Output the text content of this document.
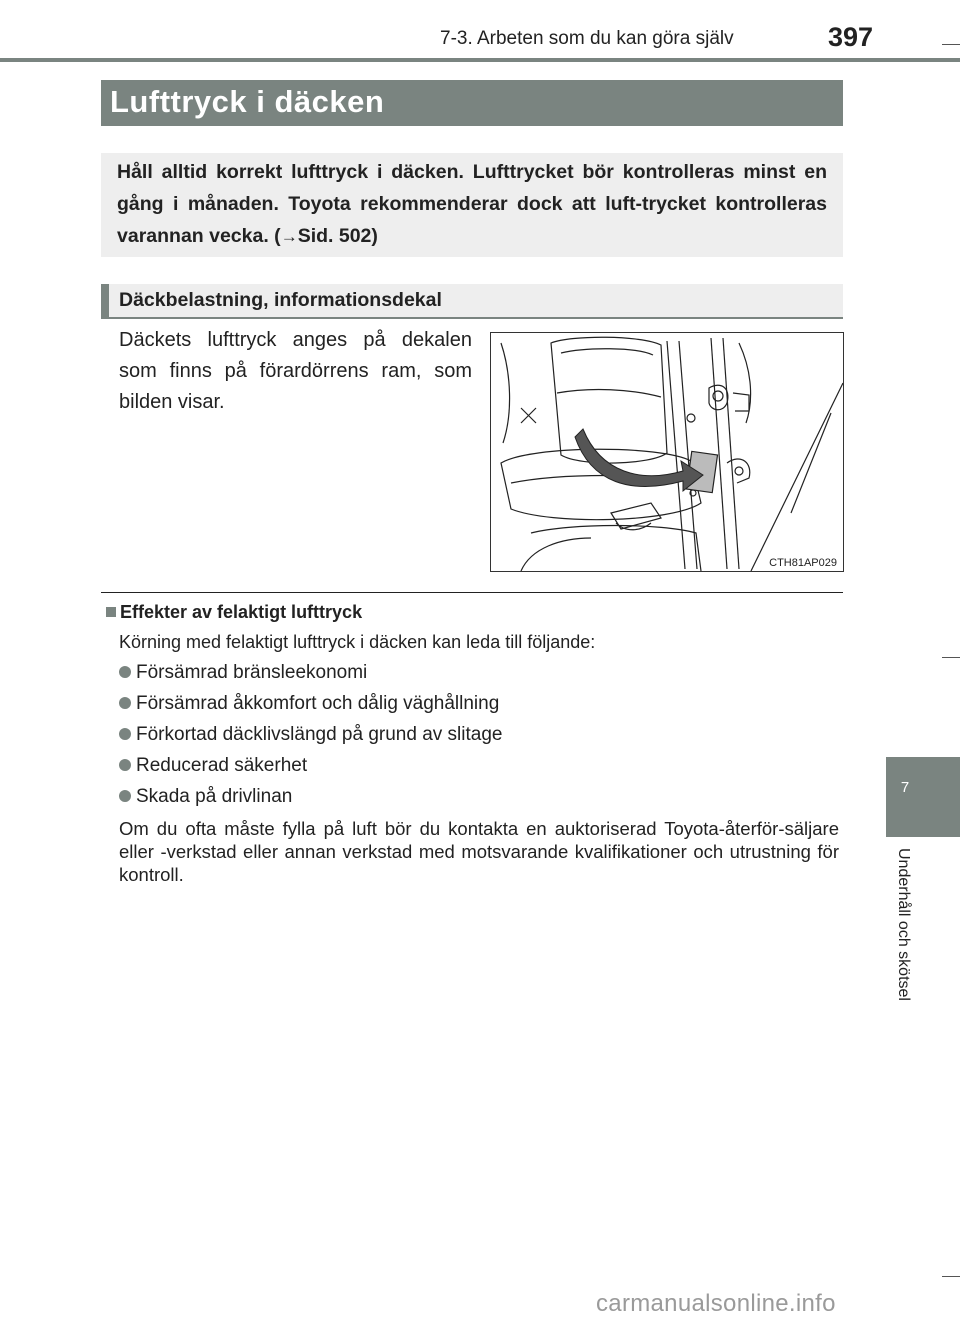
7-3. Arbeten som du kan göra själv	397
Lufttryck i däcken
Håll alltid korrekt lufttryck i däcken. Lufttrycket bör kontrolleras minst en gång i månaden. Toyota rekommenderar dock att luft-trycket kontrolleras varannan vecka. (→Sid. 502)
Däckbelastning, informationsdekal
Däckets lufttryck anges på dekalen som finns på förardörrens ram, som bilden visar.
CTH81AP029
Effekter av felaktigt lufttryck
Körning med felaktigt lufttryck i däcken kan leda till följande:
Försämrad bränsleekonomi
Försämrad åkkomfort och dålig väghållning
Förkortad däcklivslängd på grund av slitage
Reducerad säkerhet
Skada på drivlinan
Om du ofta måste fylla på luft bör du kontakta en auktoriserad Toyota-återför-säljare eller -verkstad eller annan verkstad med motsvarande kvalifikationer och utrustning för kontroll.
7
Underhåll och skötsel
carmanualsonline.info
